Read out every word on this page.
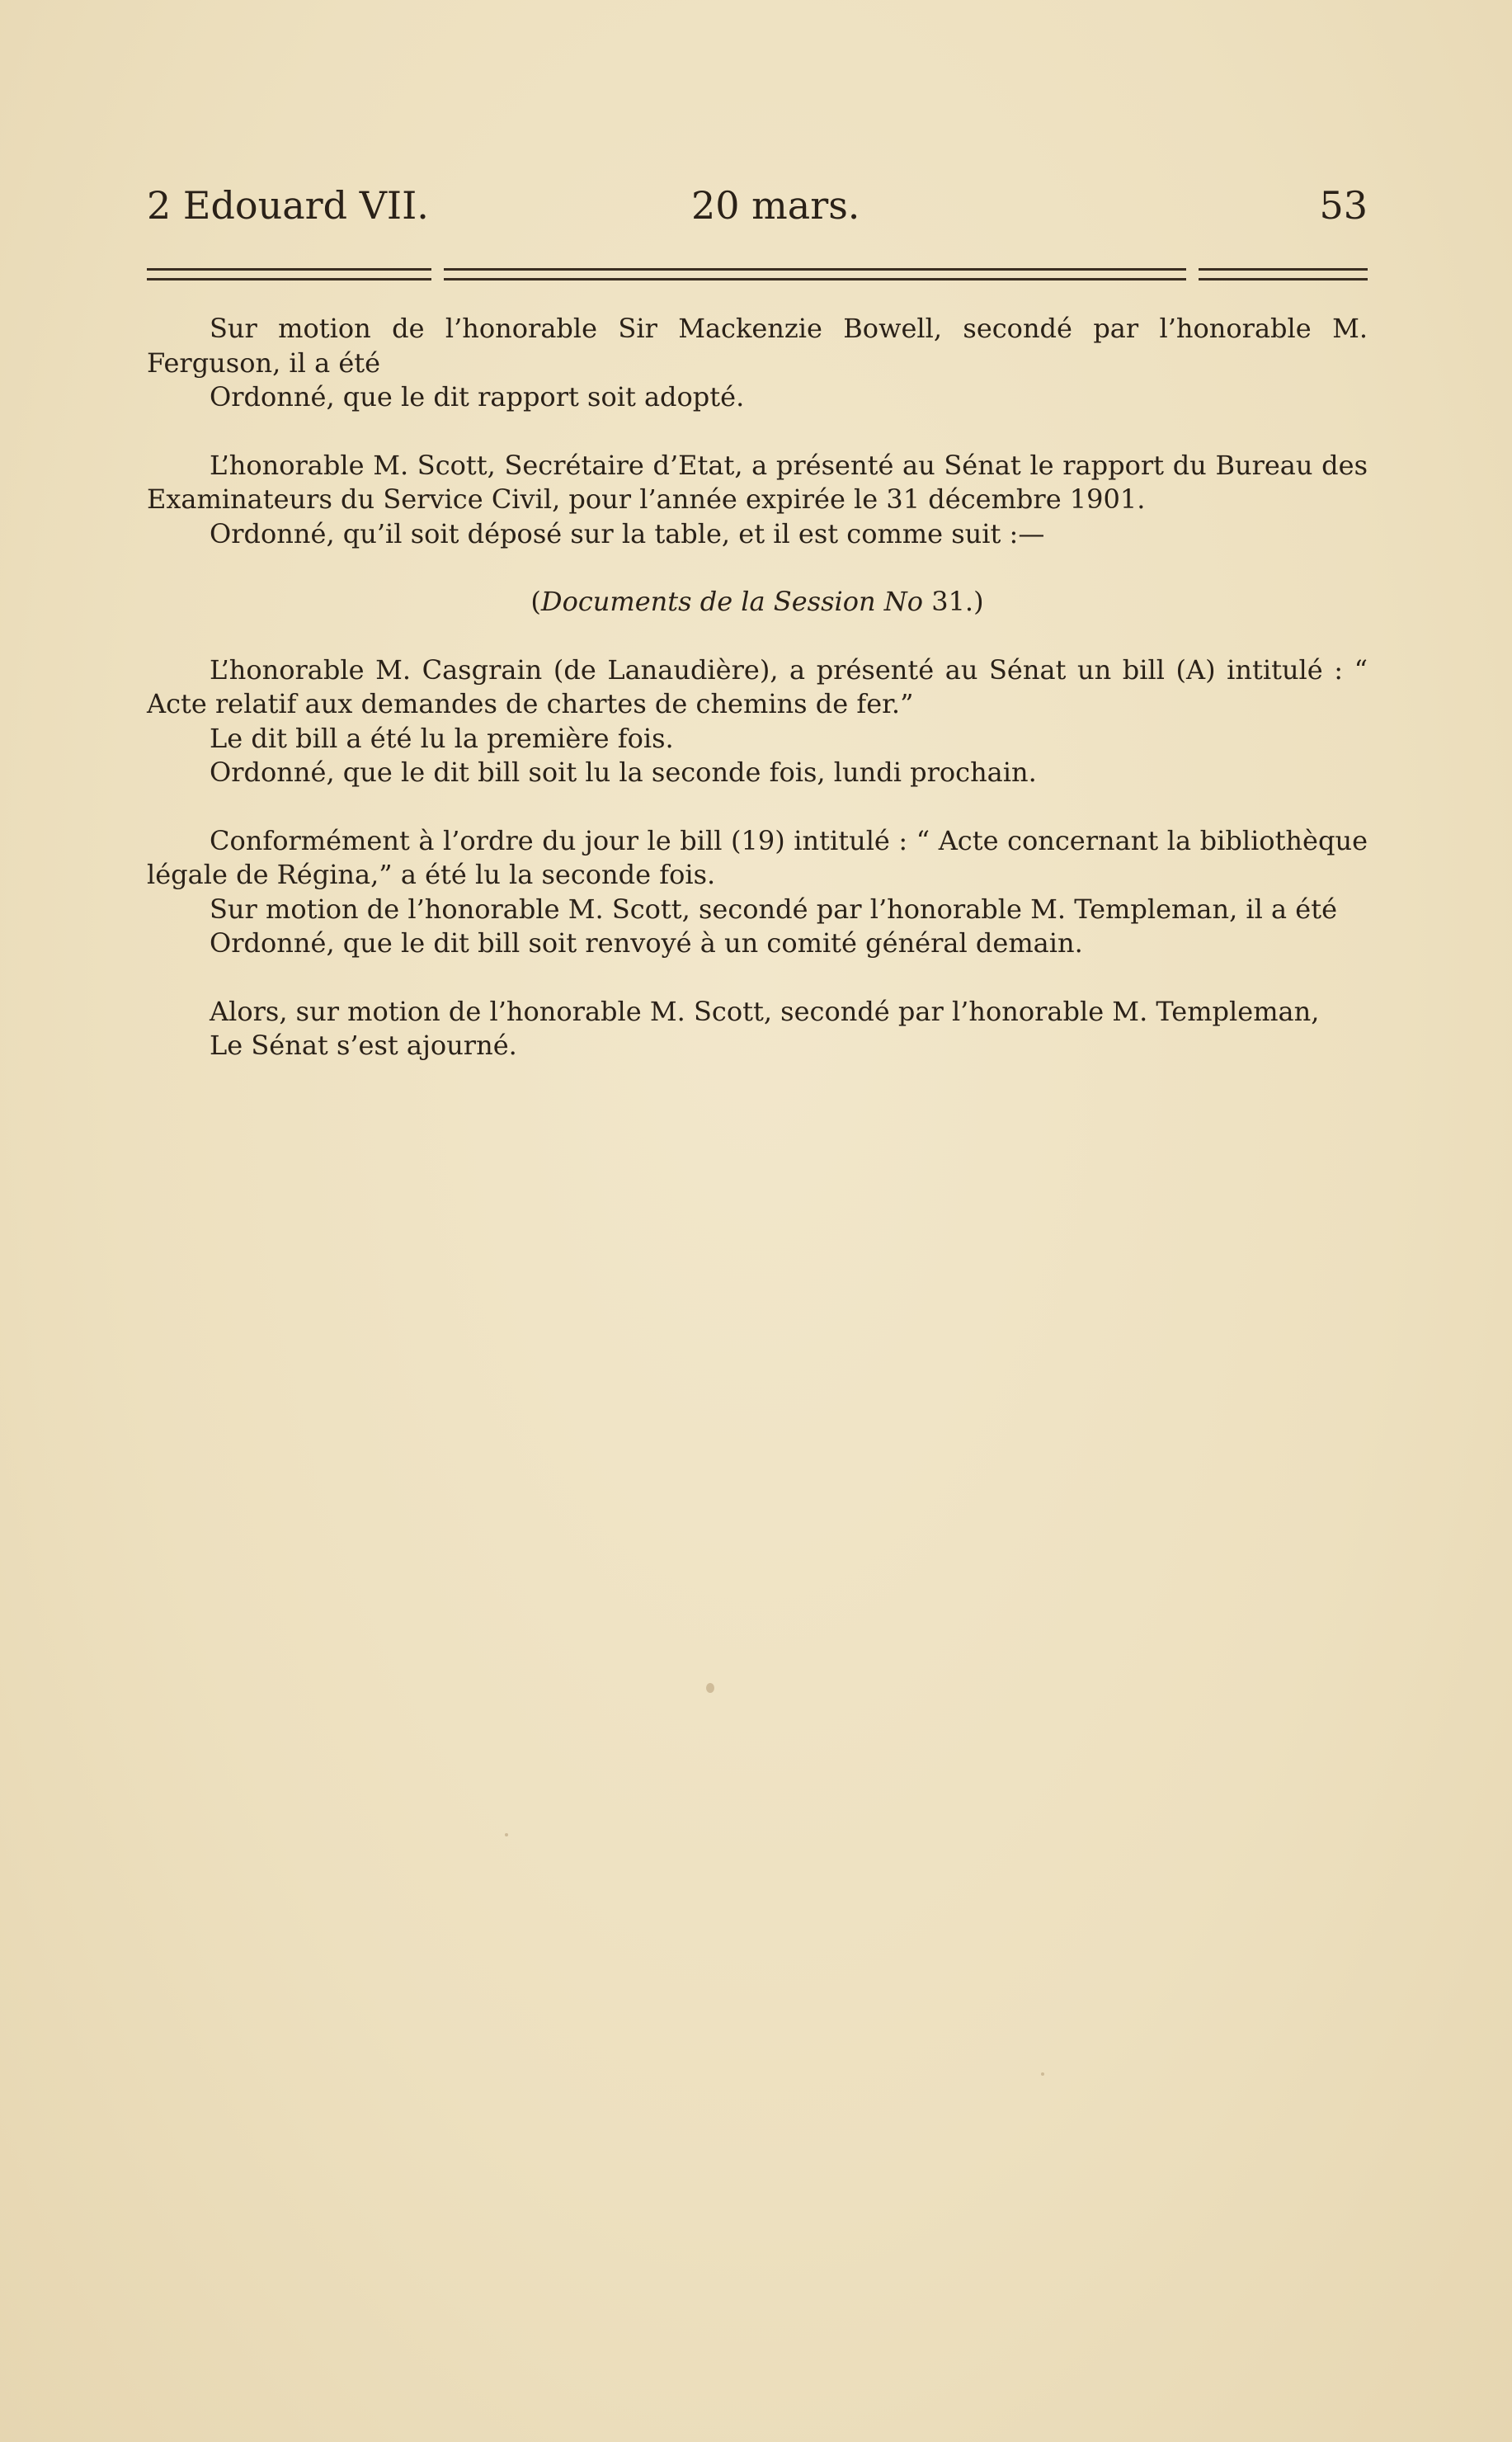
2 Edouard VII.	20 mars.	53

Sur motion de l’honorable Sir Mackenzie Bowell, secondé par l’honorable M. Ferguson, il a été

Ordonné, que le dit rapport soit adopté.

L’honorable M. Scott, Secrétaire d’Etat, a présenté au Sénat le rapport du Bureau des Examinateurs du Service Civil, pour l’année expirée le 31 décembre 1901.

Ordonné, qu’il soit déposé sur la table, et il est comme suit :—

(Documents de la Session No 31.)

L’honorable M. Casgrain (de Lanaudière), a présenté au Sénat un bill (A) intitulé : “ Acte relatif aux demandes de chartes de chemins de fer.”

Le dit bill a été lu la première fois.

Ordonné, que le dit bill soit lu la seconde fois, lundi prochain.

Conformément à l’ordre du jour le bill (19) intitulé : “ Acte concernant la bibliothèque légale de Régina,” a été lu la seconde fois.

Sur motion de l’honorable M. Scott, secondé par l’honorable M. Templeman, il a été

Ordonné, que le dit bill soit renvoyé à un comité général demain.

Alors, sur motion de l’honorable M. Scott, secondé par l’honorable M. Templeman,

Le Sénat s’est ajourné.
